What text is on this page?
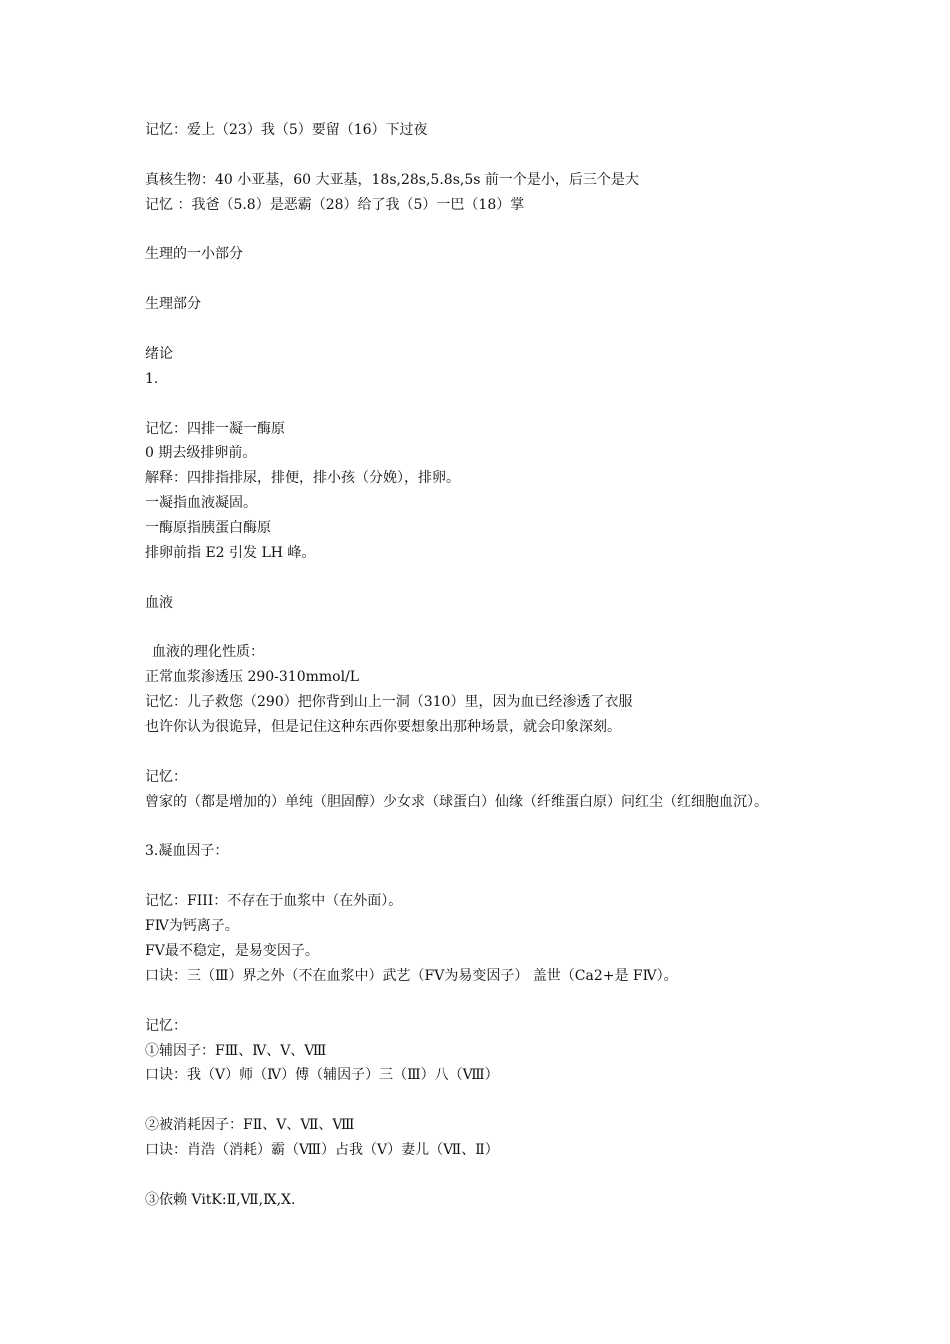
记忆：爱上（23）我（5）要留（16）下过夜
真核生物：40 小亚基，60 大亚基，18s,28s,5.8s,5s 前一个是小，后三个是大
记忆 ：我爸（5.8）是恶霸（28）给了我（5）一巴（18）掌
生理的一小部分
生理部分
绪论
1.
记忆：四排一凝一酶原
0 期去级排卵前。
解释：四排指排尿，排便，排小孩（分娩），排卵。
一凝指血液凝固。
一酶原指胰蛋白酶原
排卵前指 E2 引发 LH 峰。
血液
血液的理化性质：
正常血浆渗透压 290-310mmol/L
记忆：儿子救您（290）把你背到山上一洞（310）里，因为血已经渗透了衣服
也许你认为很诡异，但是记住这种东西你要想象出那种场景，就会印象深刻。
记忆：
曾家的（都是增加的）单纯（胆固醇）少女求（球蛋白）仙缘（纤维蛋白原）问红尘（红细胞血沉）。
3.凝血因子：
记忆：FIII：不存在于血浆中（在外面）。
FⅣ为钙离子。
FⅤ最不稳定，是易变因子。
口诀：三（Ⅲ）界之外（不在血浆中）武艺（FⅤ为易变因子） 盖世（Ca2+是 FⅣ）。
记忆：
①辅因子：FⅢ、Ⅳ、Ⅴ、Ⅷ
口诀：我（Ⅴ）师（Ⅳ）傅（辅因子）三（Ⅲ）八（Ⅷ）
②被消耗因子：FⅡ、Ⅴ、Ⅶ、Ⅷ
口诀：肖浩（消耗）霸（Ⅷ）占我（Ⅴ）妻儿（Ⅶ、Ⅱ）
③依赖 VitK:Ⅱ,Ⅶ,Ⅸ,Ⅹ.
